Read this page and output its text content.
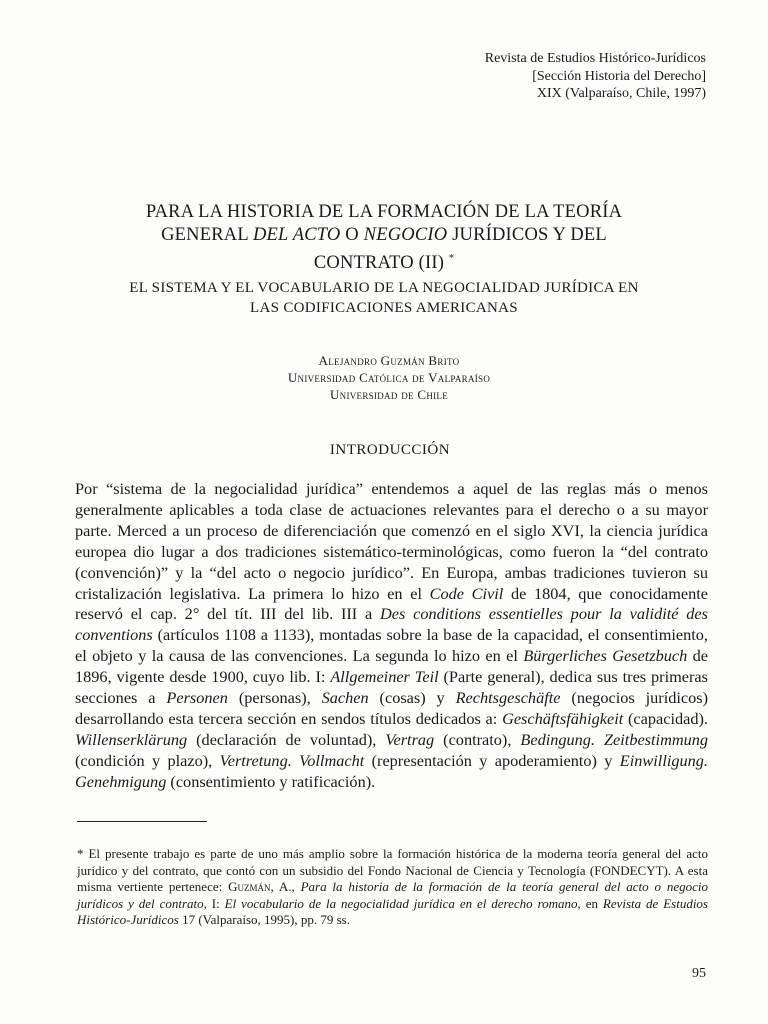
Revista de Estudios Histórico-Jurídicos
[Sección Historia del Derecho]
XIX (Valparaíso, Chile, 1997)
PARA LA HISTORIA DE LA FORMACIÓN DE LA TEORÍA
GENERAL DEL ACTO O NEGOCIO JURÍDICOS Y DEL
CONTRATO (II) *
EL SISTEMA Y EL VOCABULARIO DE LA NEGOCIALIDAD JURÍDICA EN
LAS CODIFICACIONES AMERICANAS
Alejandro Guzmán Brito
Universidad Católica de Valparaíso
Universidad de Chile
INTRODUCCIÓN
Por “sistema de la negocialidad jurídica” entendemos a aquel de las reglas más o menos generalmente aplicables a toda clase de actuaciones relevantes para el derecho o a su mayor parte. Merced a un proceso de diferenciación que comenzó en el siglo XVI, la ciencia jurídica europea dio lugar a dos tradiciones sistemático-terminológicas, como fueron la “del contrato (convención)” y la “del acto o negocio jurídico”. En Europa, ambas tradiciones tuvieron su cristalización legislativa. La primera lo hizo en el Code Civil de 1804, que conocidamente reservó el cap. 2° del tít. III del lib. III a Des conditions essentielles pour la validité des conventions (artículos 1108 a 1133), montadas sobre la base de la capacidad, el consentimiento, el objeto y la causa de las convenciones. La segunda lo hizo en el Bürgerliches Gesetzbuch de 1896, vigente desde 1900, cuyo lib. I: Allgemeiner Teil (Parte general), dedica sus tres primeras secciones a Personen (personas), Sachen (cosas) y Rechtsgeschäfte (negocios jurídicos) desarrollando esta tercera sección en sendos títulos dedicados a: Geschäftsfähigkeit (capacidad). Willenserklärung (declaración de voluntad), Vertrag (contrato), Bedingung. Zeitbestimmung (condición y plazo), Vertretung. Vollmacht (representación y apoderamiento) y Einwilligung. Genehmigung (consentimiento y ratificación).
* El presente trabajo es parte de uno más amplio sobre la formación histórica de la moderna teoría general del acto jurídico y del contrato, que contó con un subsidio del Fondo Nacional de Ciencia y Tecnología (FONDECYT). A esta misma vertiente pertenece: Guzmán, A., Para la historia de la formación de la teoría general del acto o negocio jurídicos y del contrato, I: El vocabulario de la negocialidad jurídica en el derecho romano, en Revista de Estudios Histórico-Jurídicos 17 (Valparaíso, 1995), pp. 79 ss.
95
